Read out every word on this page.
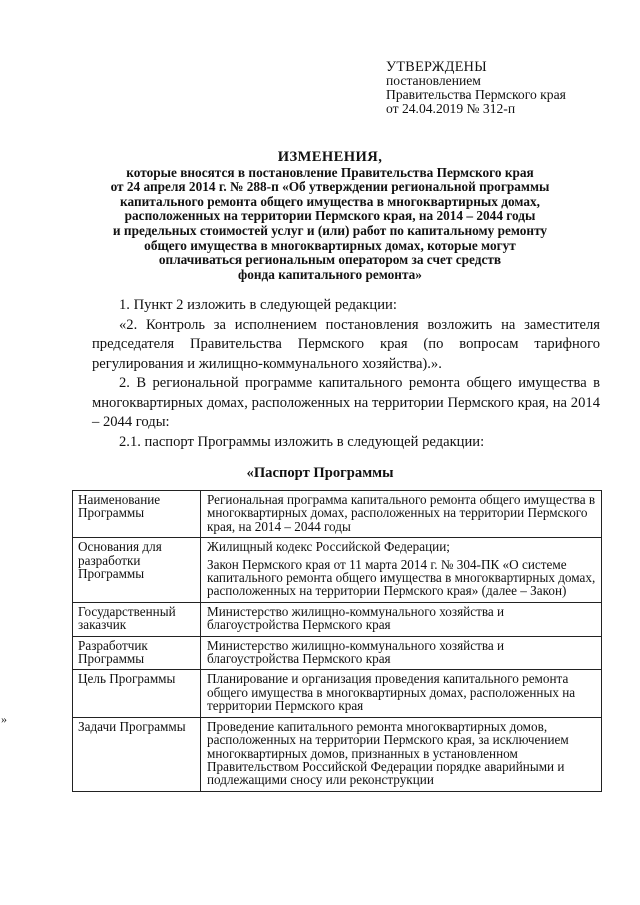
УТВЕРЖДЕНЫ
постановлением
Правительства Пермского края
от 24.04.2019 № 312-п
ИЗМЕНЕНИЯ,
которые вносятся в постановление Правительства Пермского края
от 24 апреля 2014 г. № 288-п «Об утверждении региональной программы
капитального ремонта общего имущества в многоквартирных домах,
расположенных на территории Пермского края, на 2014 – 2044 годы
и предельных стоимостей услуг и (или) работ по капитальному ремонту
общего имущества в многоквартирных домах, которые могут
оплачиваться региональным оператором за счет средств
фонда капитального ремонта»

1. Пункт 2 изложить в следующей редакции:

«2. Контроль за исполнением постановления возложить на заместителя председателя Правительства Пермского края (по вопросам тарифного регулирования и жилищно-коммунального хозяйства).».

2. В региональной программе капитального ремонта общего имущества в многоквартирных домах, расположенных на территории Пермского края, на 2014 – 2044 годы:

2.1. паспорт Программы изложить в следующей редакции:

«Паспорт Программы
Наименование Программы	Региональная программа капитального ремонта общего имущества в многоквартирных домах, расположенных на территории Пермского края, на 2014 – 2044 годы
Основания для разработки Программы	Жилищный кодекс Российской Федерации;
Закон Пермского края от 11 марта 2014 г. № 304-ПК «О системе капитального ремонта общего имущества в многоквартирных домах, расположенных на территории Пермского края» (далее – Закон)

Государственный заказчик	Министерство жилищно-коммунального хозяйства и благоустройства Пермского края
Разработчик Программы	Министерство жилищно-коммунального хозяйства и благоустройства Пермского края
Цель Программы	Планирование и организация проведения капитального ремонта общего имущества в многоквартирных домах, расположенных на территории Пермского края
Задачи Программы	Проведение капитального ремонта многоквартирных домов, расположенных на территории Пермского края, за исключением многоквартирных домов, признанных в установленном Правительством Российской Федерации порядке аварийными и подлежащими сносу или реконструкции
»
